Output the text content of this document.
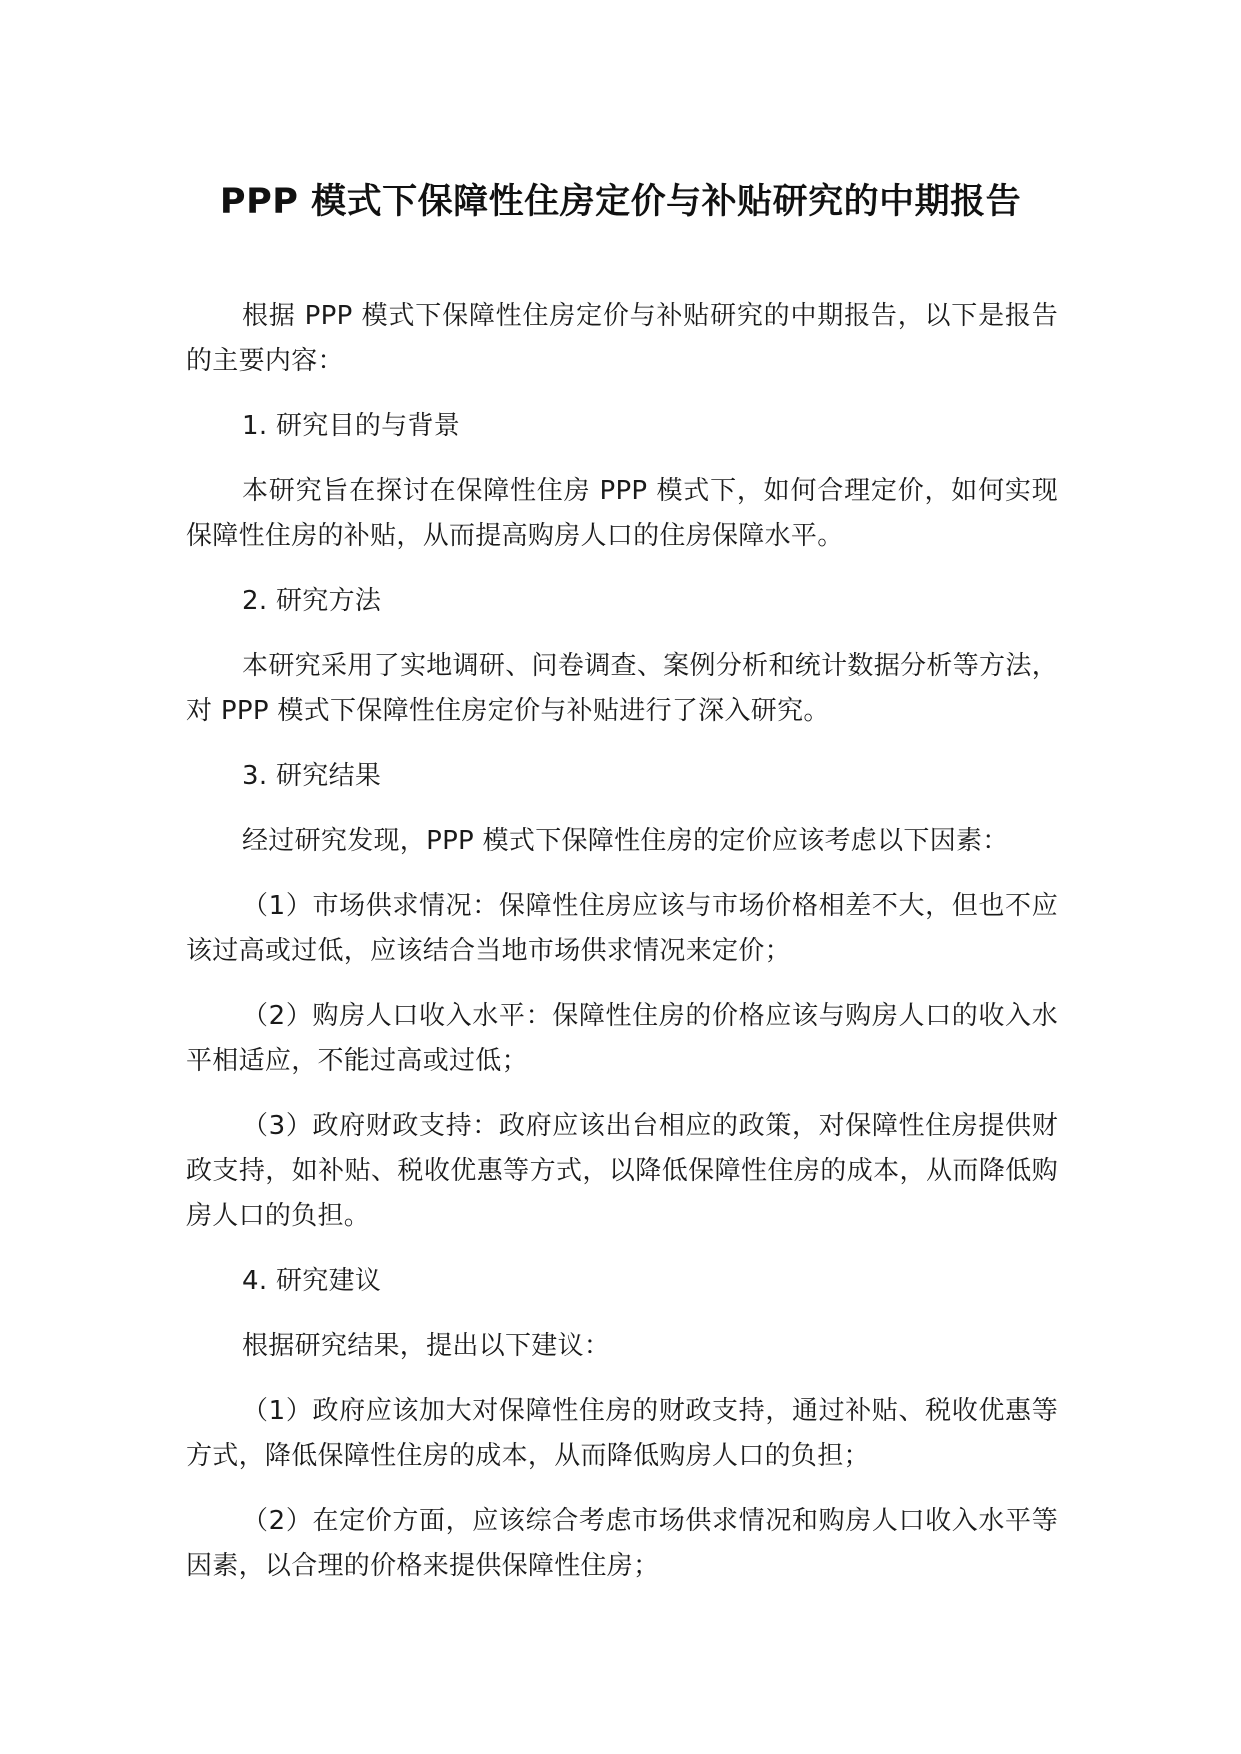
PPP 模式下保障性住房定价与补贴研究的中期报告

根据 PPP 模式下保障性住房定价与补贴研究的中期报告，以下是报告的主要内容：

1. 研究目的与背景

本研究旨在探讨在保障性住房 PPP 模式下，如何合理定价，如何实现保障性住房的补贴，从而提高购房人口的住房保障水平。

2. 研究方法

本研究采用了实地调研、问卷调查、案例分析和统计数据分析等方法，对 PPP 模式下保障性住房定价与补贴进行了深入研究。

3. 研究结果

经过研究发现，PPP 模式下保障性住房的定价应该考虑以下因素：

（1）市场供求情况：保障性住房应该与市场价格相差不大，但也不应该过高或过低，应该结合当地市场供求情况来定价；

（2）购房人口收入水平：保障性住房的价格应该与购房人口的收入水平相适应，不能过高或过低；

（3）政府财政支持：政府应该出台相应的政策，对保障性住房提供财政支持，如补贴、税收优惠等方式，以降低保障性住房的成本，从而降低购房人口的负担。

4. 研究建议

根据研究结果，提出以下建议：

（1）政府应该加大对保障性住房的财政支持，通过补贴、税收优惠等方式，降低保障性住房的成本，从而降低购房人口的负担；

（2）在定价方面，应该综合考虑市场供求情况和购房人口收入水平等因素，以合理的价格来提供保障性住房；
